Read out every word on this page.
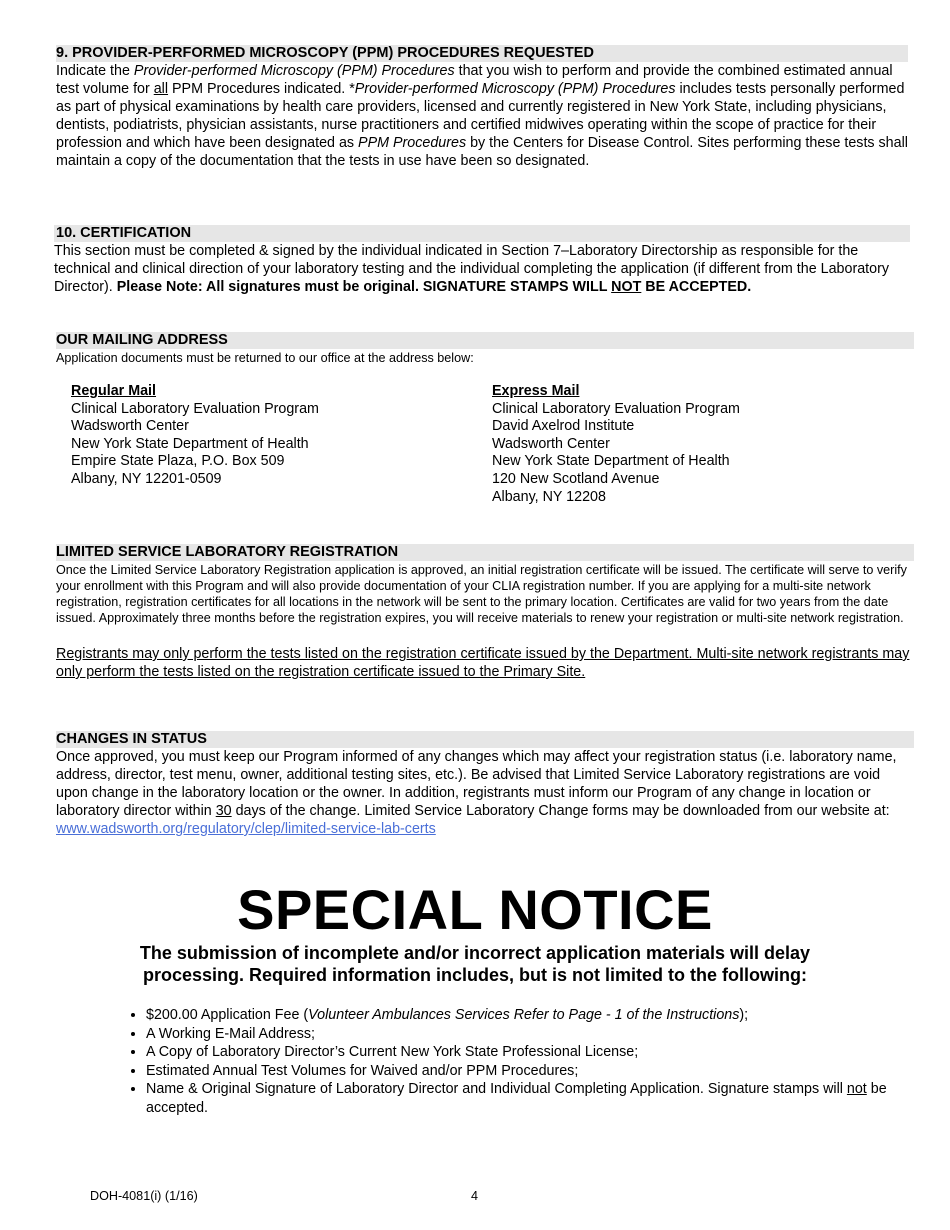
9. PROVIDER-PERFORMED MICROSCOPY (PPM) PROCEDURES REQUESTED

Indicate the Provider-performed Microscopy (PPM) Procedures that you wish to perform and provide the combined estimated annual test volume for all PPM Procedures indicated. *Provider-performed Microscopy (PPM) Procedures includes tests personally performed as part of physical examinations by health care providers, licensed and currently registered in New York State, including physicians, dentists, podiatrists, physician assistants, nurse practitioners and certified midwives operating within the scope of practice for their profession and which have been designated as PPM Procedures by the Centers for Disease Control. Sites performing these tests shall maintain a copy of the documentation that the tests in use have been so designated.

10. CERTIFICATION

This section must be completed & signed by the individual indicated in Section 7–Laboratory Directorship as responsible for the technical and clinical direction of your laboratory testing and the individual completing the application (if different from the Laboratory Director). Please Note: All signatures must be original. SIGNATURE STAMPS WILL NOT BE ACCEPTED.

OUR MAILING ADDRESS

Application documents must be returned to our office at the address below:

Regular Mail
Clinical Laboratory Evaluation Program
Wadsworth Center
New York State Department of Health
Empire State Plaza, P.O. Box 509
Albany, NY 12201-0509
Express Mail
Clinical Laboratory Evaluation Program
David Axelrod Institute
Wadsworth Center
New York State Department of Health
120 New Scotland Avenue
Albany, NY 12208
LIMITED SERVICE LABORATORY REGISTRATION

Once the Limited Service Laboratory Registration application is approved, an initial registration certificate will be issued. The certificate will serve to verify your enrollment with this Program and will also provide documentation of your CLIA registration number. If you are applying for a multi-site network registration, registration certificates for all locations in the network will be sent to the primary location. Certificates are valid for two years from the date issued. Approximately three months before the registration expires, you will receive materials to renew your registration or multi-site network registration.

Registrants may only perform the tests listed on the registration certificate issued by the Department. Multi-site network registrants may only perform the tests listed on the registration certificate issued to the Primary Site.

CHANGES IN STATUS

Once approved, you must keep our Program informed of any changes which may affect your registration status (i.e. laboratory name, address, director, test menu, owner, additional testing sites, etc.). Be advised that Limited Service Laboratory registrations are void upon change in the laboratory location or the owner. In addition, registrants must inform our Program of any change in location or laboratory director within 30 days of the change. Limited Service Laboratory Change forms may be downloaded from our website at: www.wadsworth.org/regulatory/clep/limited-service-lab-certs

SPECIAL NOTICE
The submission of incomplete and/or incorrect application materials will delay processing. Required information includes, but is not limited to the following:
• $200.00 Application Fee (Volunteer Ambulances Services Refer to Page - 1 of the Instructions);
• A Working E-Mail Address;
• A Copy of Laboratory Director’s Current New York State Professional License;
• Estimated Annual Test Volumes for Waived and/or PPM Procedures;
• Name & Original Signature of Laboratory Director and Individual Completing Application. Signature stamps will not be accepted.
DOH-4081(i) (1/16)	4
